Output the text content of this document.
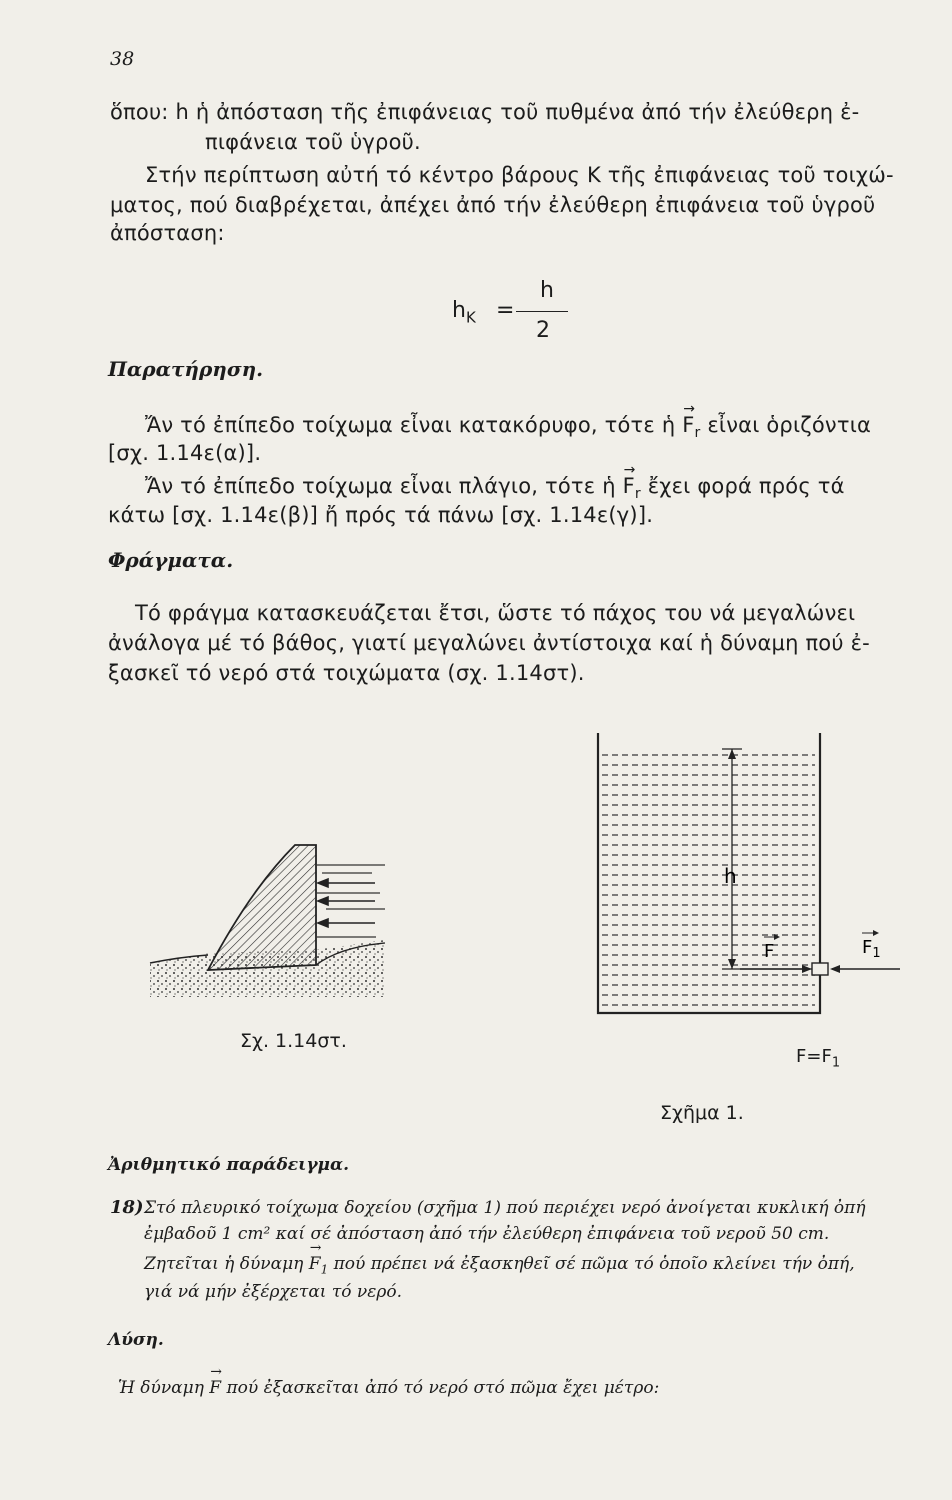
38
ὅπου: h ἡ ἀπόσταση τῆς ἐπιφάνειας τοῦ πυθμένα ἀπό τήν ἐλεύθερη ἐ-
πιφάνεια τοῦ ὑγροῦ.
Στήν περίπτωση αὐτή τό κέντρο βάρους Κ τῆς ἐπιφάνειας τοῦ τοιχώ-
ματος, πού διαβρέχεται, ἀπέχει ἀπό τήν ἐλεύθερη ἐπιφάνεια τοῦ ὑγροῦ
ἀπόσταση:
$h_K$ =
h
2
Παρατήρηση.
Ἄν τό ἐπίπεδο τοίχωμα εἶναι κατακόρυφο, τότε ἡ → $F_r$ εἶναι ὁριζόντια
[σχ. 1.14ε(α)].
Ἄν τό ἐπίπεδο τοίχωμα εἶναι πλάγιο, τότε ἡ → $F_r$ ἔχει φορά πρός τά
κάτω [σχ. 1.14ε(β)] ἤ πρός τά πάνω [σχ. 1.14ε(γ)].
Φράγματα.
Τό φράγμα κατασκευάζεται ἔτσι, ὥστε τό πάχος του νά μεγαλώνει
ἀνάλογα μέ τό βάθος, γιατί μεγαλώνει ἀντίστοιχα καί ἡ δύναμη πού ἐ-
ξασκεῖ τό νερό στά τοιχώματα (σχ. 1.14στ).
Σχ. 1.14στ.
h
F	$F_1$
$F=F_1$
Σχῆμα 1.
Ἀριθμητικό παράδειγμα.
18) Στό πλευρικό τοίχωμα δοχείου (σχῆμα 1) πού περιέχει νερό ἀνοίγεται κυκλική ὀπή
ἐμβαδοῦ 1 cm² καί σέ ἀπόσταση ἀπό τήν ἐλεύθερη ἐπιφάνεια τοῦ νεροῦ 50 cm.
Ζητεῖται ἡ $\delta ύ\nu\alpha\mu\eta \to F_1$ πού πρέπει νά ἐξασκηθεῖ σέ πῶμα τό ὁποῖο κλείνει τήν ὀπή,
γιά νά μήν ἐξέρχεται τό νερό.
Λύση.
Ἡ δύναμη → F πού ἐξασκεῖται ἀπό τό νερό στό πῶμα ἔχει μέτρο:
